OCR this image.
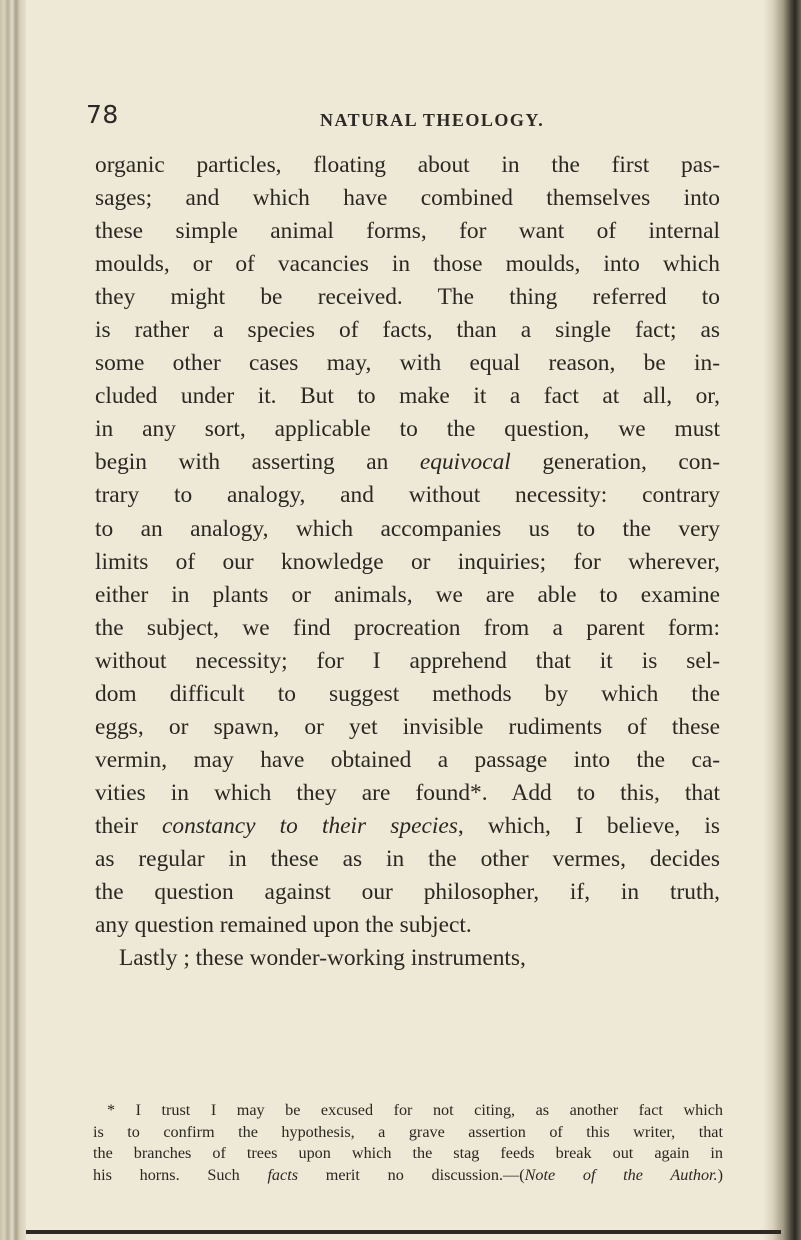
78	NATURAL THEOLOGY.
organic particles, floating about in the first pas-
sages; and which have combined themselves into
these simple animal forms, for want of internal
moulds, or of vacancies in those moulds, into which
they might be received. The thing referred to
is rather a species of facts, than a single fact; as
some other cases may, with equal reason, be in-
cluded under it. But to make it a fact at all, or,
in any sort, applicable to the question, we must
begin with asserting an equivocal generation, con-
trary to analogy, and without necessity: contrary
to an analogy, which accompanies us to the very
limits of our knowledge or inquiries; for wherever,
either in plants or animals, we are able to examine
the subject, we find procreation from a parent form:
without necessity; for I apprehend that it is sel-
dom difficult to suggest methods by which the
eggs, or spawn, or yet invisible rudiments of these
vermin, may have obtained a passage into the ca-
vities in which they are found*. Add to this, that
their constancy to their species, which, I believe, is
as regular in these as in the other vermes, decides
the question against our philosopher, if, in truth,
any question remained upon the subject.
Lastly ; these wonder-working instruments,
* I trust I may be excused for not citing, as another fact which
is to confirm the hypothesis, a grave assertion of this writer, that
the branches of trees upon which the stag feeds break out again in
his horns. Such facts merit no discussion.—(Note of the Author.)
